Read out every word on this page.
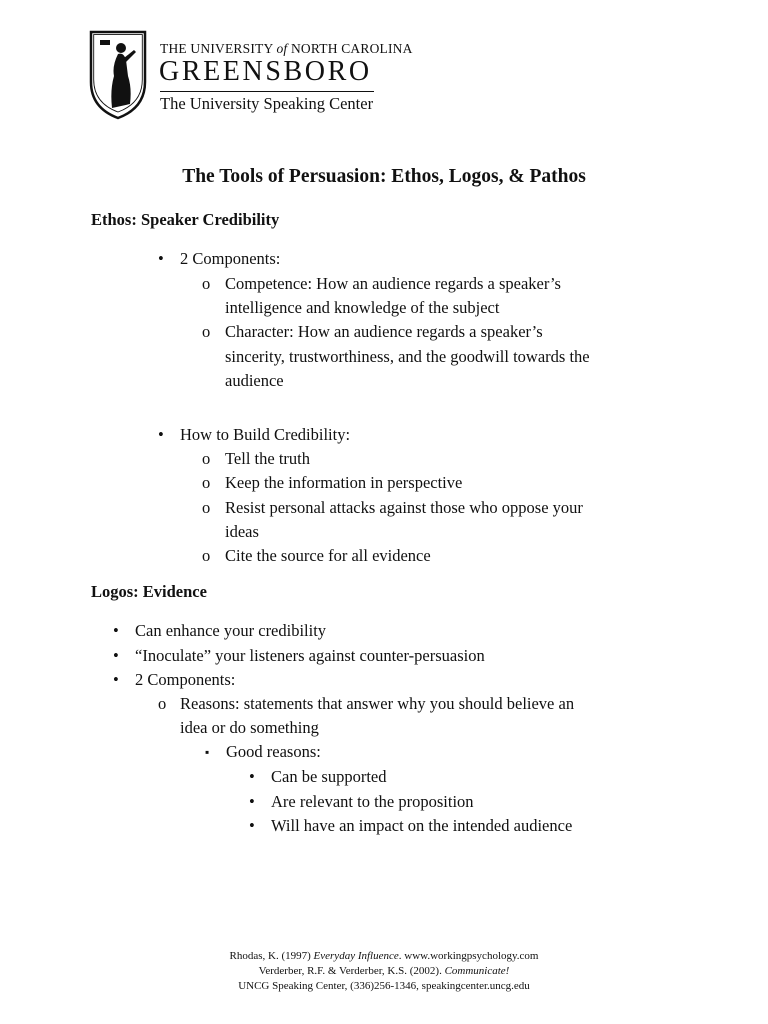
THE UNIVERSITY of NORTH CAROLINA
GREENSBORO
The University Speaking Center
The Tools of Persuasion: Ethos, Logos, & Pathos
Ethos: Speaker Credibility
• 2 Components:
o Competence: How an audience regards a speaker’s
intelligence and knowledge of the subject
o Character: How an audience regards a speaker’s
sincerity, trustworthiness, and the goodwill towards the
audience
• How to Build Credibility:
o Tell the truth
o Keep the information in perspective
o Resist personal attacks against those who oppose your
ideas
o Cite the source for all evidence
Logos: Evidence
• Can enhance your credibility
• “Inoculate” your listeners against counter-persuasion
• 2 Components:
o Reasons: statements that answer why you should believe an
idea or do something
▪ Good reasons:
• Can be supported
• Are relevant to the proposition
• Will have an impact on the intended audience
Rhodas, K. (1997) Everyday Influence. www.workingpsychology.com
Verderber, R.F. & Verderber, K.S. (2002). Communicate!
UNCG Speaking Center, (336)256-1346, speakingcenter.uncg.edu
